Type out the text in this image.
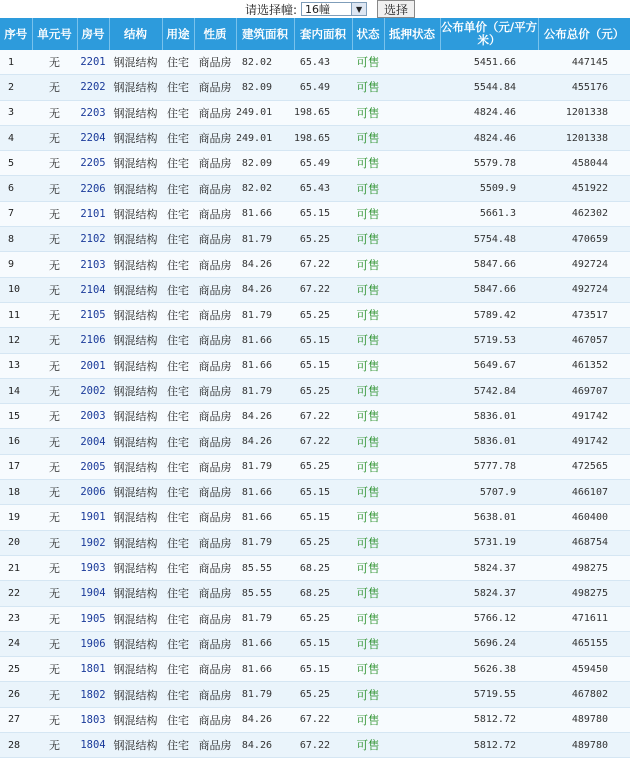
请选择幢: 16幢	▼	选择
序号	单元号	房号	结构	用途	性质	建筑面积	套内面积	状态	抵押状态	公布单价（元/平方米）	公布总价（元）
1	无	2201	钢混结构	住宅	商品房	82.02	65.43	可售		5451.66	447145
2	无	2202	钢混结构	住宅	商品房	82.09	65.49	可售		5544.84	455176
3	无	2203	钢混结构	住宅	商品房	249.01	198.65	可售		4824.46	1201338
4	无	2204	钢混结构	住宅	商品房	249.01	198.65	可售		4824.46	1201338
5	无	2205	钢混结构	住宅	商品房	82.09	65.49	可售		5579.78	458044
6	无	2206	钢混结构	住宅	商品房	82.02	65.43	可售		5509.9	451922
7	无	2101	钢混结构	住宅	商品房	81.66	65.15	可售		5661.3	462302
8	无	2102	钢混结构	住宅	商品房	81.79	65.25	可售		5754.48	470659
9	无	2103	钢混结构	住宅	商品房	84.26	67.22	可售		5847.66	492724
10	无	2104	钢混结构	住宅	商品房	84.26	67.22	可售		5847.66	492724
11	无	2105	钢混结构	住宅	商品房	81.79	65.25	可售		5789.42	473517
12	无	2106	钢混结构	住宅	商品房	81.66	65.15	可售		5719.53	467057
13	无	2001	钢混结构	住宅	商品房	81.66	65.15	可售		5649.67	461352
14	无	2002	钢混结构	住宅	商品房	81.79	65.25	可售		5742.84	469707
15	无	2003	钢混结构	住宅	商品房	84.26	67.22	可售		5836.01	491742
16	无	2004	钢混结构	住宅	商品房	84.26	67.22	可售		5836.01	491742
17	无	2005	钢混结构	住宅	商品房	81.79	65.25	可售		5777.78	472565
18	无	2006	钢混结构	住宅	商品房	81.66	65.15	可售		5707.9	466107
19	无	1901	钢混结构	住宅	商品房	81.66	65.15	可售		5638.01	460400
20	无	1902	钢混结构	住宅	商品房	81.79	65.25	可售		5731.19	468754
21	无	1903	钢混结构	住宅	商品房	85.55	68.25	可售		5824.37	498275
22	无	1904	钢混结构	住宅	商品房	85.55	68.25	可售		5824.37	498275
23	无	1905	钢混结构	住宅	商品房	81.79	65.25	可售		5766.12	471611
24	无	1906	钢混结构	住宅	商品房	81.66	65.15	可售		5696.24	465155
25	无	1801	钢混结构	住宅	商品房	81.66	65.15	可售		5626.38	459450
26	无	1802	钢混结构	住宅	商品房	81.79	65.25	可售		5719.55	467802
27	无	1803	钢混结构	住宅	商品房	84.26	67.22	可售		5812.72	489780
28	无	1804	钢混结构	住宅	商品房	84.26	67.22	可售		5812.72	489780
